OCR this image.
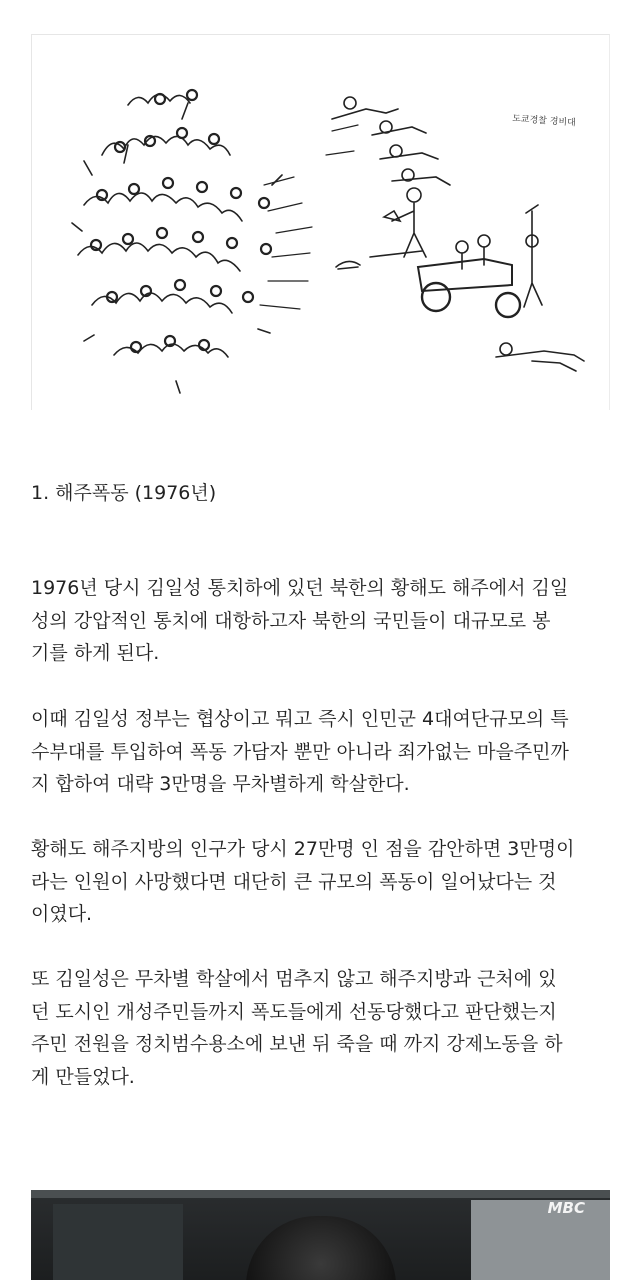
도쿄경찰 경비대
1. 해주폭동 (1976년)

1976년 당시 김일성 통치하에 있던 북한의 황해도 해주에서 김일
성의 강압적인 통치에 대항하고자 북한의 국민들이 대규모로 봉
기를 하게 된다.

이때 김일성 정부는 협상이고 뭐고 즉시 인민군 4대여단규모의 특
수부대를 투입하여 폭동 가담자 뿐만 아니라 죄가없는 마을주민까
지 합하여 대략 3만명을 무차별하게 학살한다.

황해도 해주지방의 인구가 당시 27만명 인 점을 감안하면 3만명이
라는 인원이 사망했다면 대단히 큰 규모의 폭동이 일어났다는 것
이였다.

또 김일성은 무차별 학살에서 멈추지 않고 해주지방과 근처에 있
던 도시인 개성주민들까지 폭도들에게 선동당했다고 판단했는지
주민 전원을 정치범수용소에 보낸 뒤 죽을 때 까지 강제노동을 하
게 만들었다.

MBC
